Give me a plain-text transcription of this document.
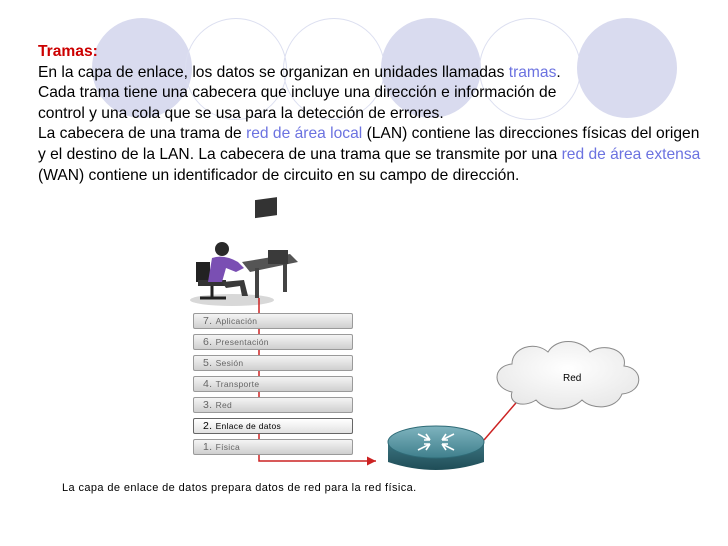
Tramas:
En la capa de enlace, los datos se organizan en unidades llamadas tramas.
Cada trama tiene una cabecera que incluye una dirección e información de
control y una cola que se usa para la detección de errores.
La cabecera de una trama de red de área local (LAN) contiene las direcciones físicas del origen y el destino de la LAN. La cabecera de una trama que se transmite por una red de área extensa (WAN) contiene un identificador de circuito en su campo de dirección.
7. Aplicación
6. Presentación
5. Sesión
4. Transporte
3. Red
2. Enlace de datos
1. Física
Red
La capa de enlace de datos prepara datos de red para la red física.
